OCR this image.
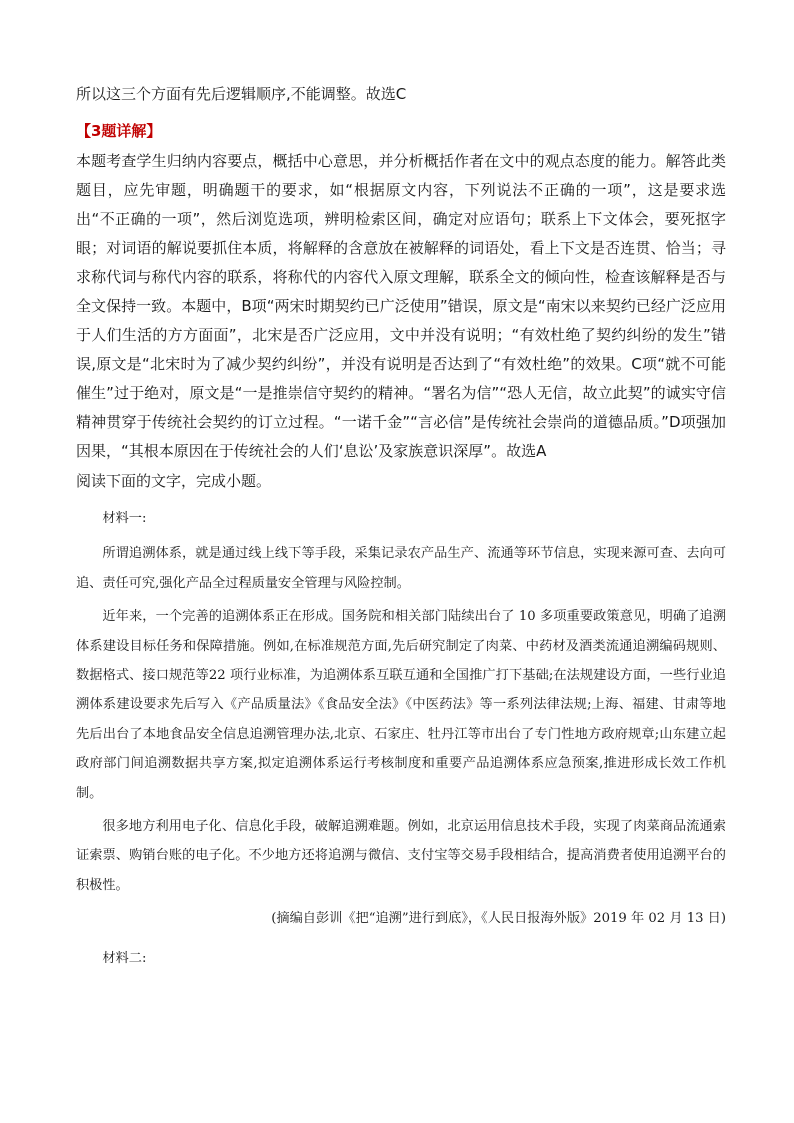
所以这三个方面有先后逻辑顺序,不能调整。故选C

【3题详解】

本题考查学生归纳内容要点，概括中心意思，并分析概括作者在文中的观点态度的能力。解答此类题目，应先审题，明确题干的要求，如“根据原文内容，下列说法不正确的一项”，这是要求选出“不正确的一项”，然后浏览选项，辨明检索区间，确定对应语句；联系上下文体会，要死抠字眼；对词语的解说要抓住本质，将解释的含意放在被解释的词语处，看上下文是否连贯、恰当；寻求称代词与称代内容的联系，将称代的内容代入原文理解，联系全文的倾向性，检查该解释是否与全文保持一致。本题中，B项“两宋时期契约已广泛使用”错误，原文是“南宋以来契约已经广泛应用于人们生活的方方面面”，北宋是否广泛应用，文中并没有说明；“有效杜绝了契约纠纷的发生”错误,原文是“北宋时为了减少契约纠纷”，并没有说明是否达到了“有效杜绝”的效果。C项“就不可能催生”过于绝对，原文是“一是推崇信守契约的精神。“署名为信”“恐人无信，故立此契”的诚实守信精神贯穿于传统社会契约的订立过程。“一诺千金”“言必信”是传统社会崇尚的道德品质。”D项强加因果，“其根本原因在于传统社会的人们‘息讼’及家族意识深厚”。故选A

阅读下面的文字，完成小题。

材料一:

所谓追溯体系，就是通过线上线下等手段，采集记录农产品生产、流通等环节信息，实现来源可查、去向可追、责任可究,强化产品全过程质量安全管理与风险控制。

近年来，一个完善的追溯体系正在形成。国务院和相关部门陆续出台了 10 多项重要政策意见，明确了追溯体系建设目标任务和保障措施。例如,在标准规范方面,先后研究制定了肉菜、中药材及酒类流通追溯编码规则、数据格式、接口规范等22 项行业标准，为追溯体系互联互通和全国推广打下基础;在法规建设方面，一些行业追溯体系建设要求先后写入《产品质量法》《食品安全法》《中医药法》等一系列法律法规;上海、福建、甘肃等地先后出台了本地食品安全信息追溯管理办法,北京、石家庄、牡丹江等市出台了专门性地方政府规章;山东建立起政府部门间追溯数据共享方案,拟定追溯体系运行考核制度和重要产品追溯体系应急预案,推进形成长效工作机制。

很多地方利用电子化、信息化手段，破解追溯难题。例如，北京运用信息技术手段，实现了肉菜商品流通索证索票、购销台账的电子化。不少地方还将追溯与微信、支付宝等交易手段相结合，提高消费者使用追溯平台的积极性。

(摘编自彭训《把“追溯”进行到底》，《人民日报海外版》2019 年 02 月 13 日)

材料二:
